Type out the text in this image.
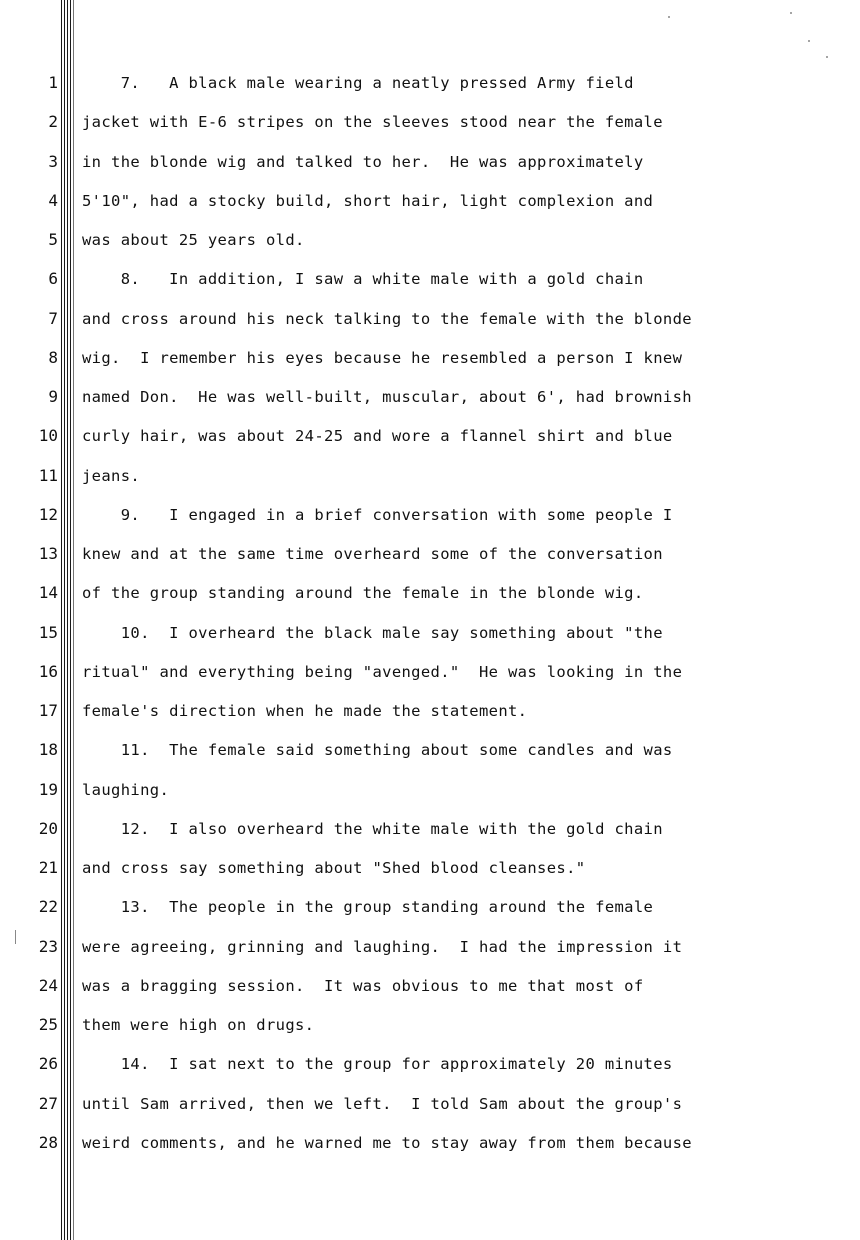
1
2
3
4
5
6
7
8
9
10
11
12
13
14
15
16
17
18
19
20
21
22
23
24
25
26
27
28
7.   A black male wearing a neatly pressed Army field
jacket with E-6 stripes on the sleeves stood near the female
in the blonde wig and talked to her.  He was approximately
5'10", had a stocky build, short hair, light complexion and
was about 25 years old.
8.   In addition, I saw a white male with a gold chain
and cross around his neck talking to the female with the blonde
wig.  I remember his eyes because he resembled a person I knew
named Don.  He was well-built, muscular, about 6', had brownish
curly hair, was about 24-25 and wore a flannel shirt and blue
jeans.
9.   I engaged in a brief conversation with some people I
knew and at the same time overheard some of the conversation
of the group standing around the female in the blonde wig.
10.  I overheard the black male say something about "the
ritual" and everything being "avenged."  He was looking in the
female's direction when he made the statement.
11.  The female said something about some candles and was
laughing.
12.  I also overheard the white male with the gold chain
and cross say something about "Shed blood cleanses."
13.  The people in the group standing around the female
were agreeing, grinning and laughing.  I had the impression it
was a bragging session.  It was obvious to me that most of
them were high on drugs.
14.  I sat next to the group for approximately 20 minutes
until Sam arrived, then we left.  I told Sam about the group's
weird comments, and he warned me to stay away from them because
